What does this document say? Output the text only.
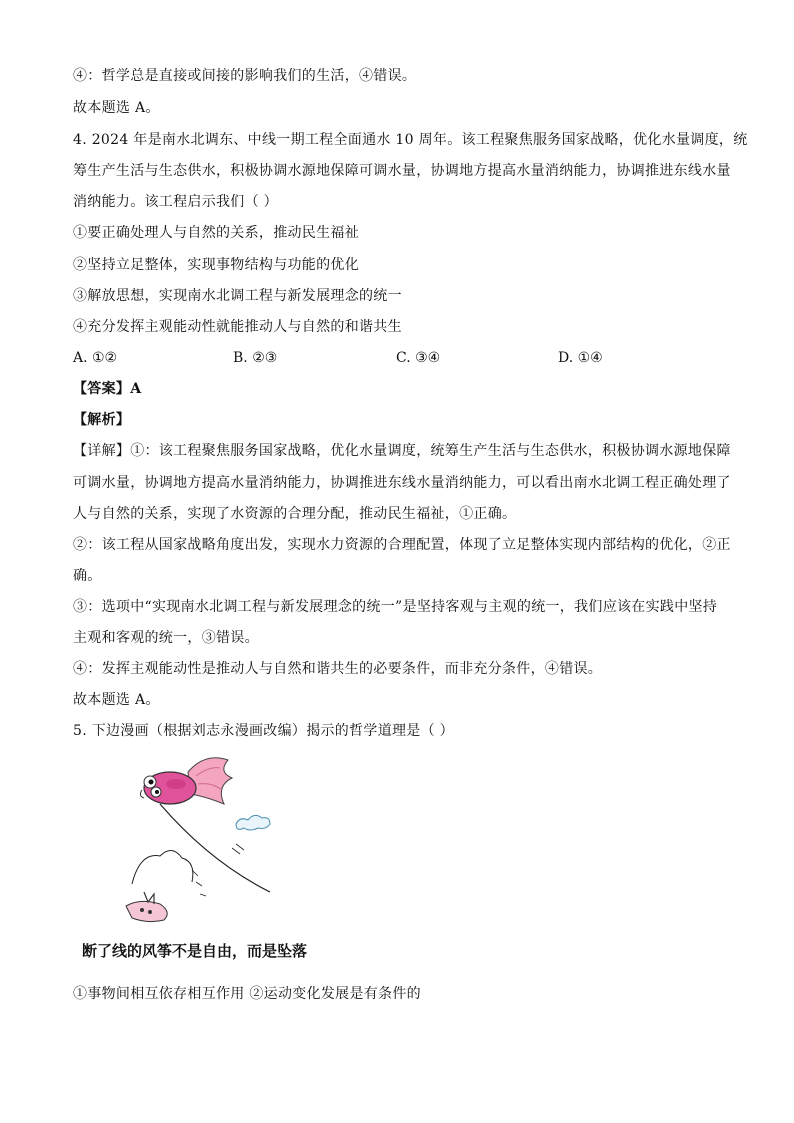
④：哲学总是直接或间接的影响我们的生活，④错误。
故本题选 A。
4. 2024 年是南水北调东、中线一期工程全面通水 10 周年。该工程聚焦服务国家战略，优化水量调度，统
筹生产生活与生态供水，积极协调水源地保障可调水量，协调地方提高水量消纳能力，协调推进东线水量
消纳能力。该工程启示我们（ ）
①要正确处理人与自然的关系，推动民生福祉
②坚持立足整体，实现事物结构与功能的优化
③解放思想，实现南水北调工程与新发展理念的统一
④充分发挥主观能动性就能推动人与自然的和谐共生
A. ①②	B. ②③	C. ③④	D. ①④
【答案】A
【解析】
【详解】①：该工程聚焦服务国家战略，优化水量调度，统筹生产生活与生态供水，积极协调水源地保障
可调水量，协调地方提高水量消纳能力，协调推进东线水量消纳能力，可以看出南水北调工程正确处理了
人与自然的关系，实现了水资源的合理分配，推动民生福祉，①正确。
②：该工程从国家战略角度出发，实现水力资源的合理配置，体现了立足整体实现内部结构的优化，②正
确。
③：选项中“实现南水北调工程与新发展理念的统一”是坚持客观与主观的统一，我们应该在实践中坚持
主观和客观的统一，③错误。
④：发挥主观能动性是推动人与自然和谐共生的必要条件，而非充分条件，④错误。
故本题选 A。
5. 下边漫画（根据刘志永漫画改编）揭示的哲学道理是（ ）
断了线的风筝不是自由，而是坠落
①事物间相互依存相互作用 ②运动变化发展是有条件的
